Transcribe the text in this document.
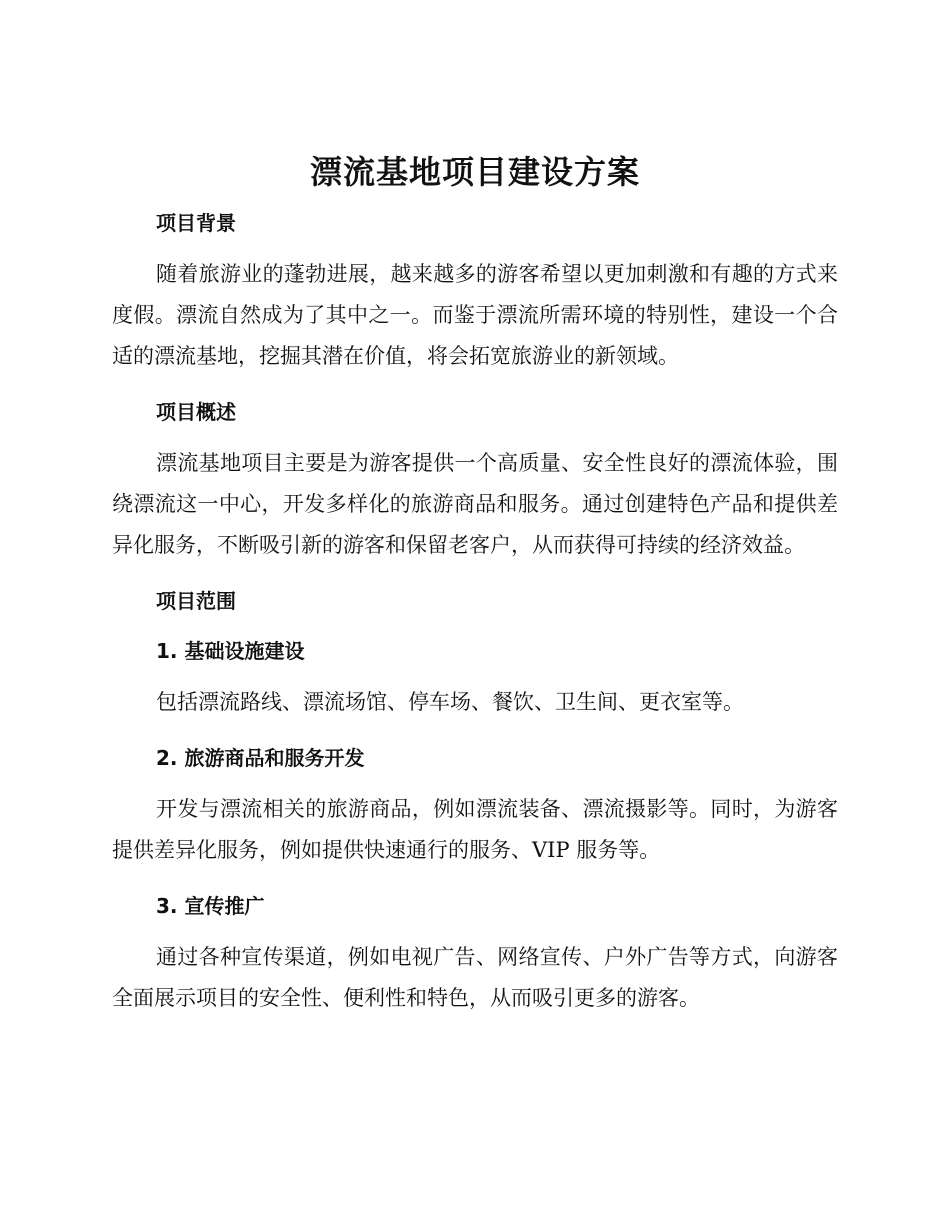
漂流基地项目建设方案
项目背景

随着旅游业的蓬勃进展，越来越多的游客希望以更加刺激和有趣的方式来度假。漂流自然成为了其中之一。而鉴于漂流所需环境的特别性，建设一个合适的漂流基地，挖掘其潜在价值，将会拓宽旅游业的新领域。

项目概述

漂流基地项目主要是为游客提供一个高质量、安全性良好的漂流体验，围绕漂流这一中心，开发多样化的旅游商品和服务。通过创建特色产品和提供差异化服务，不断吸引新的游客和保留老客户，从而获得可持续的经济效益。

项目范围
1. 基础设施建设

包括漂流路线、漂流场馆、停车场、餐饮、卫生间、更衣室等。

2. 旅游商品和服务开发

开发与漂流相关的旅游商品，例如漂流装备、漂流摄影等。同时，为游客提供差异化服务，例如提供快速通行的服务、VIP 服务等。

3. 宣传推广

通过各种宣传渠道，例如电视广告、网络宣传、户外广告等方式，向游客全面展示项目的安全性、便利性和特色，从而吸引更多的游客。
